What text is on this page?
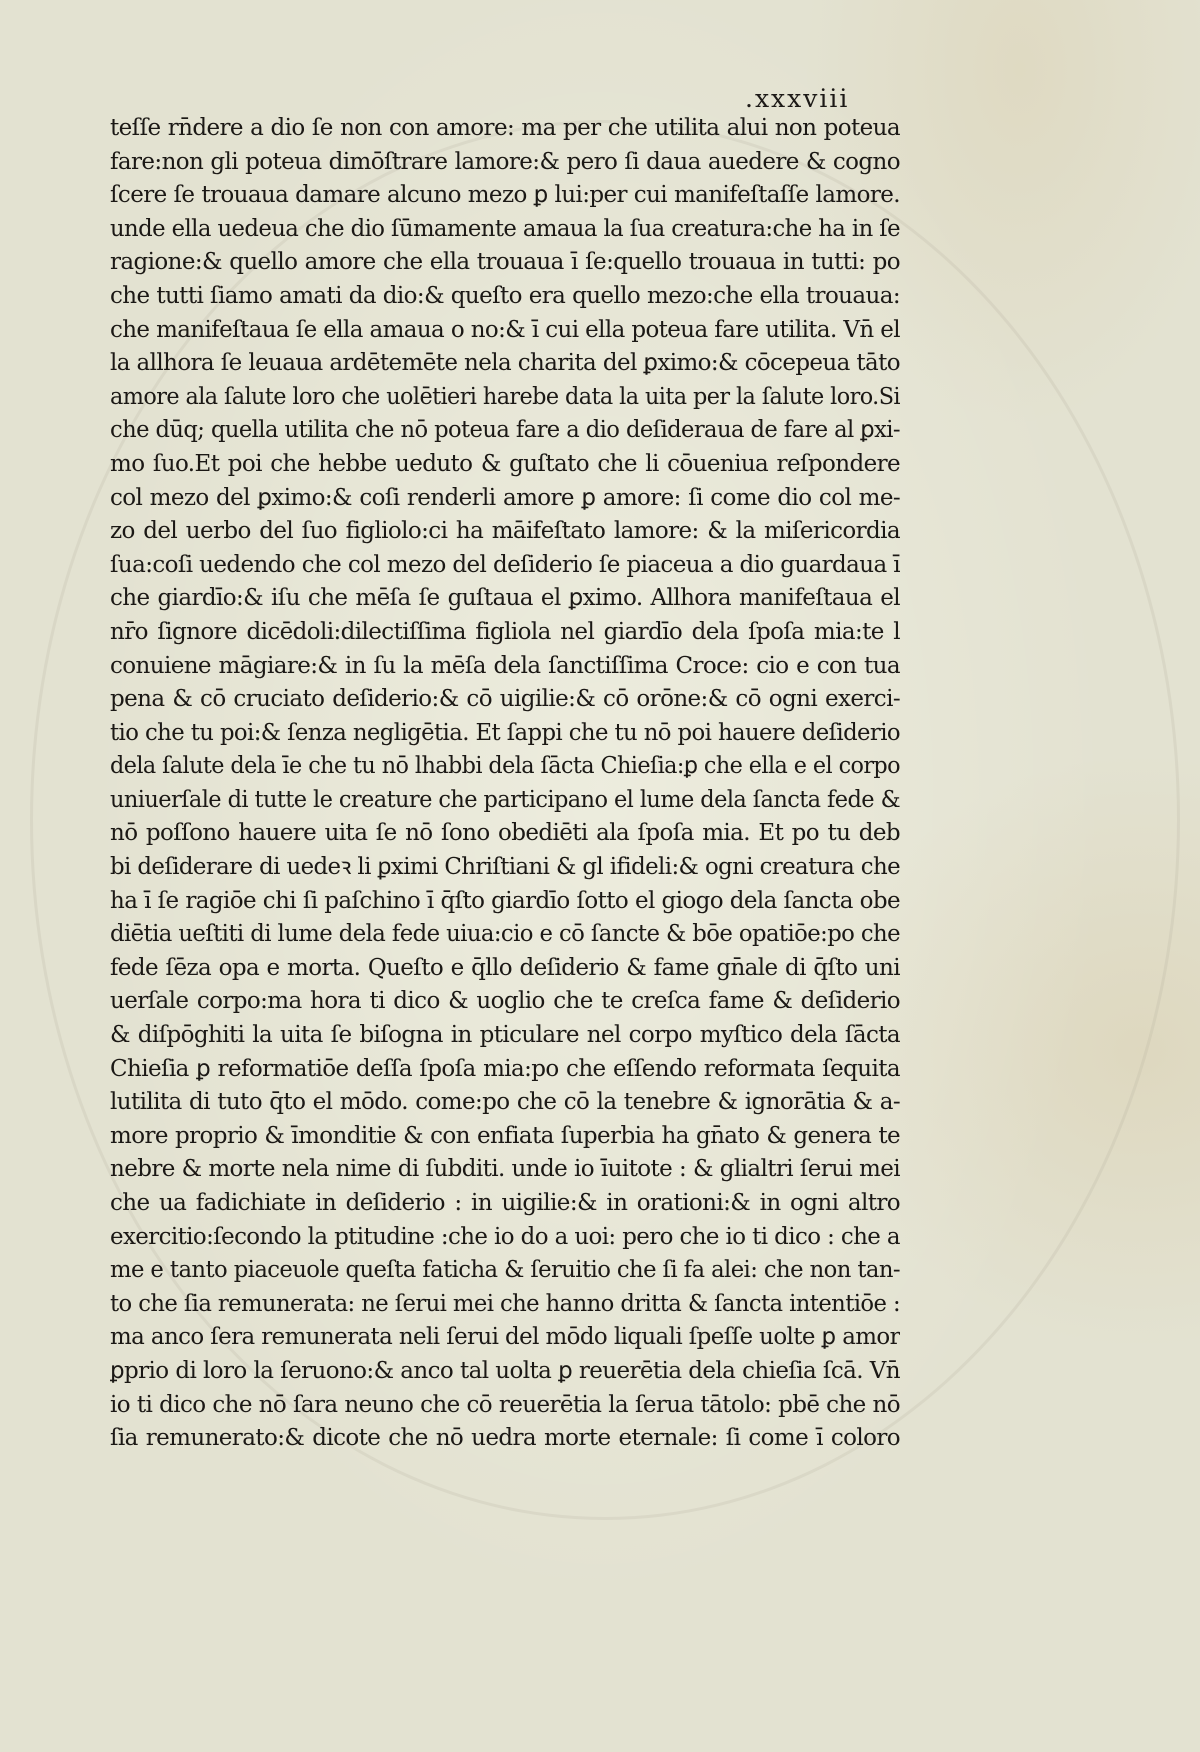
.xxxviii
teſſe rn̄dere a dio ſe non con amore: ma per che utilita alui non poteua
fare:non gli poteua dimōſtrare lamore:& pero ſi daua auedere & cogno
ſcere ſe trouaua damare alcuno mezo ꝑ lui:per cui manifeſtaſſe lamore.
unde ella uedeua che dio ſūmamente amaua la ſua creatura:che ha in ſe
ragione:& quello amore che ella trouaua ī ſe:quello trouaua in tutti: po
che tutti ſiamo amati da dio:& queſto era quello mezo:che ella trouaua:
che manifeſtaua ſe ella amaua o no:& ī cui ella poteua fare utilita. Vn̄ el
la allhora ſe leuaua ardētemēte nela charita del ꝑximo:& cōcepeua tāto
amore ala ſalute loro che uolētieri harebe data la uita per la ſalute loro.Si
che dūq; quella utilita che nō poteua fare a dio deſideraua de fare al ꝑxi-
mo ſuo.Et poi che hebbe ueduto & guſtato che li cōueniua reſpondere
col mezo del ꝑximo:& coſi renderli amore ꝑ amore: ſi come dio col me-
zo del uerbo del ſuo figliolo:ci ha māifeſtato lamore: & la miſericordia
ſua:coſi uedendo che col mezo del deſiderio ſe piaceua a dio guardaua ī
che giardīo:& iſu che mēſa ſe guſtaua el ꝑximo. Allhora manifeſtaua el
nr̄o ſignore dicēdoli:dilectiſſima figliola nel giardīo dela ſpoſa mia:te l
conuiene māgiare:& in ſu la mēſa dela ſanctiſſima Croce: cio e con tua
pena & cō cruciato deſiderio:& cō uigilie:& cō orōne:& cō ogni exerci-
tio che tu poi:& ſenza negligētia. Et ſappi che tu nō poi hauere deſiderio
dela ſalute dela īe che tu nō lhabbi dela ſācta Chieſia:ꝑ che ella e el corpo
uniuerſale di tutte le creature che participano el lume dela ſancta fede &
nō poſſono hauere uita ſe nō ſono obediēti ala ſpoſa mia. Et po tu deb
bi deſiderare di uedeꝛ li ꝑximi Chriſtiani & gl ifideli:& ogni creatura che
ha ī ſe ragiōe chi ſi paſchino ī q̄ſto giardīo ſotto el giogo dela ſancta obe
diētia ueſtiti di lume dela fede uiua:cio e cō ſancte & bōe opatiōe:po che
fede ſēza opa e morta. Queſto e q̄llo deſiderio & fame gn̄ale di q̄ſto uni
uerſale corpo:ma hora ti dico & uoglio che te creſca fame & deſiderio
& diſpōghiti la uita ſe biſogna in pticulare nel corpo myſtico dela ſācta
Chieſia ꝑ reformatiōe deſſa ſpoſa mia:po che eſſendo reformata ſequita
lutilita di tuto q̄to el mōdo. come:po che cō la tenebre & ignorātia & a-
more proprio & īmonditie & con enfiata ſuperbia ha gn̄ato & genera te
nebre & morte nela nime di ſubditi. unde io īuitote : & glialtri ſerui mei
che ua fadichiate in deſiderio : in uigilie:& in orationi:& in ogni altro
exercitio:ſecondo la ptitudine :che io do a uoi: pero che io ti dico : che a
me e tanto piaceuole queſta faticha & ſeruitio che ſi fa alei: che non tan-
to che ſia remunerata: ne ſerui mei che hanno dritta & ſancta intentiōe :
ma anco ſera remunerata neli ſerui del mōdo liquali ſpeſſe uolte ꝑ amor
ꝑprio di loro la ſeruono:& anco tal uolta ꝑ reuerētia dela chieſia ſcā. Vn̄
io ti dico che nō ſara neuno che cō reuerētia la ſerua tātolo: pbē che nō
ſia remunerato:& dicote che nō uedra morte eternale: ſi come ī coloro
